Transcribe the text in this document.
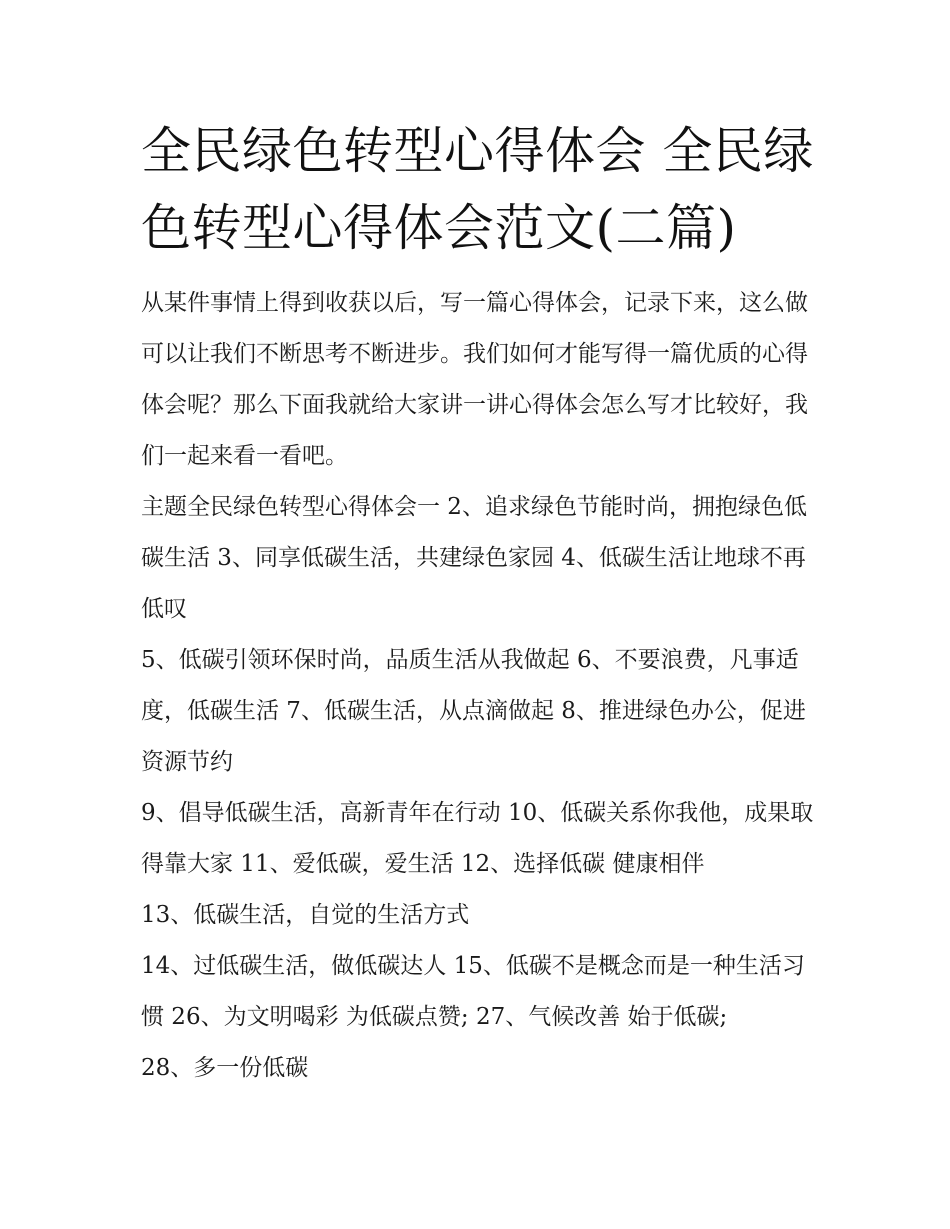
全民绿色转型心得体会 全民绿色转型心得体会范文(二篇)

从某件事情上得到收获以后，写一篇心得体会，记录下来，这么做可以让我们不断思考不断进步。我们如何才能写得一篇优质的心得体会呢？那么下面我就给大家讲一讲心得体会怎么写才比较好，我们一起来看一看吧。

主题全民绿色转型心得体会一 2、追求绿色节能时尚，拥抱绿色低碳生活 3、同享低碳生活，共建绿色家园 4、低碳生活让地球不再低叹

5、低碳引领环保时尚，品质生活从我做起 6、不要浪费，凡事适度，低碳生活 7、低碳生活，从点滴做起 8、推进绿色办公，促进资源节约

9、倡导低碳生活，高新青年在行动 10、低碳关系你我他，成果取得靠大家 11、爱低碳，爱生活 12、选择低碳 健康相伴

13、低碳生活，自觉的生活方式

14、过低碳生活，做低碳达人 15、低碳不是概念而是一种生活习惯 26、为文明喝彩 为低碳点赞; 27、气候改善 始于低碳;

28、多一份低碳
